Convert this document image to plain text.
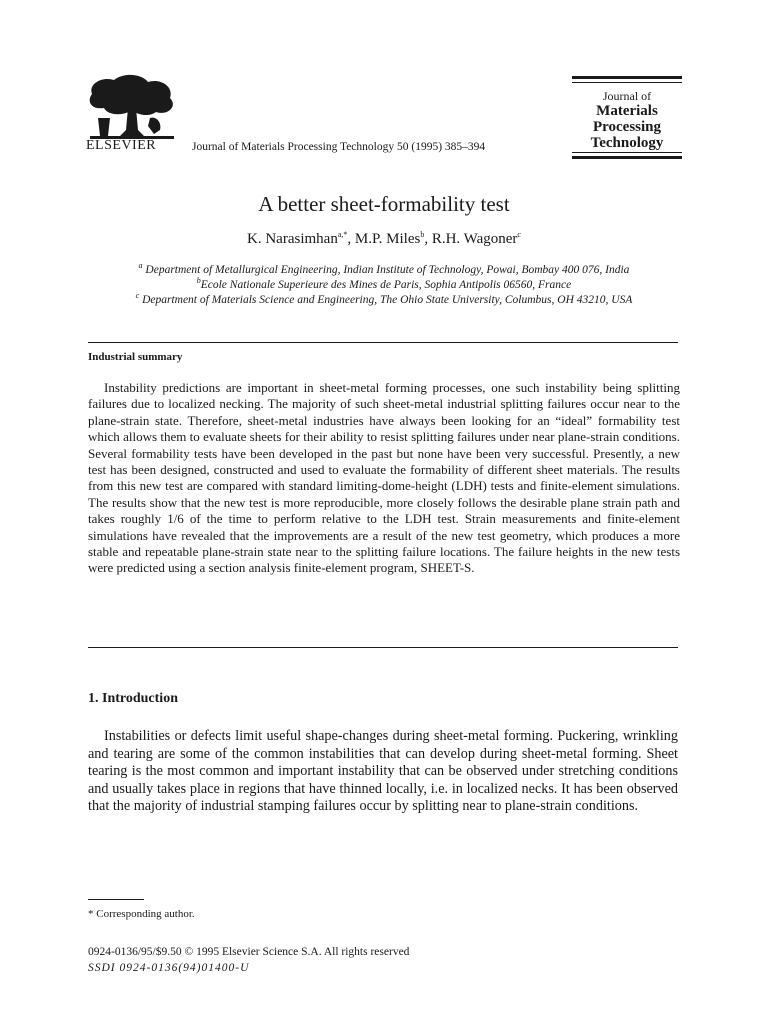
ELSEVIER	Journal of Materials Processing Technology 50 (1995) 385–394
Journal of
Materials
Processing
Technology
A better sheet-formability test
K. Narasimhan$^{a,*}$, M.P. Miles$^b$, R.H. Wagoner$^c$
$^a$ Department of Metallurgical Engineering, Indian Institute of Technology, Powai, Bombay 400 076, India
$^b$Ecole Nationale Superieure des Mines de Paris, Sophia Antipolis 06560, France
$^c$ Department of Materials Science and Engineering, The Ohio State University, Columbus, OH 43210, USA
Industrial summary

Instability predictions are important in sheet-metal forming processes, one such instability being splitting failures due to localized necking. The majority of such sheet-metal industrial splitting failures occur near to the plane-strain state. Therefore, sheet-metal industries have always been looking for an “ideal” formability test which allows them to evaluate sheets for their ability to resist splitting failures under near plane-strain conditions. Several formability tests have been developed in the past but none have been very successful. Presently, a new test has been designed, constructed and used to evaluate the formability of different sheet materials. The results from this new test are compared with standard limiting-dome-height (LDH) tests and finite-element simulations. The results show that the new test is more reproducible, more closely follows the desirable plane strain path and takes roughly 1/6 of the time to perform relative to the LDH test. Strain measurements and finite-element simulations have revealed that the improvements are a result of the new test geometry, which produces a more stable and repeatable plane-strain state near to the splitting failure locations. The failure heights in the new tests were predicted using a section analysis finite-element program, SHEET-S.

1. Introduction

Instabilities or defects limit useful shape-changes during sheet-metal forming. Puckering, wrinkling and tearing are some of the common instabilities that can develop during sheet-metal forming. Sheet tearing is the most common and important instability that can be observed under stretching conditions and usually takes place in regions that have thinned locally, i.e. in localized necks. It has been observed that the majority of industrial stamping failures occur by splitting near to plane-strain conditions.

* Corresponding author.
0924-0136/95/$9.50 © 1995 Elsevier Science S.A. All rights reserved
SSDI 0924-0136(94)01400-U
